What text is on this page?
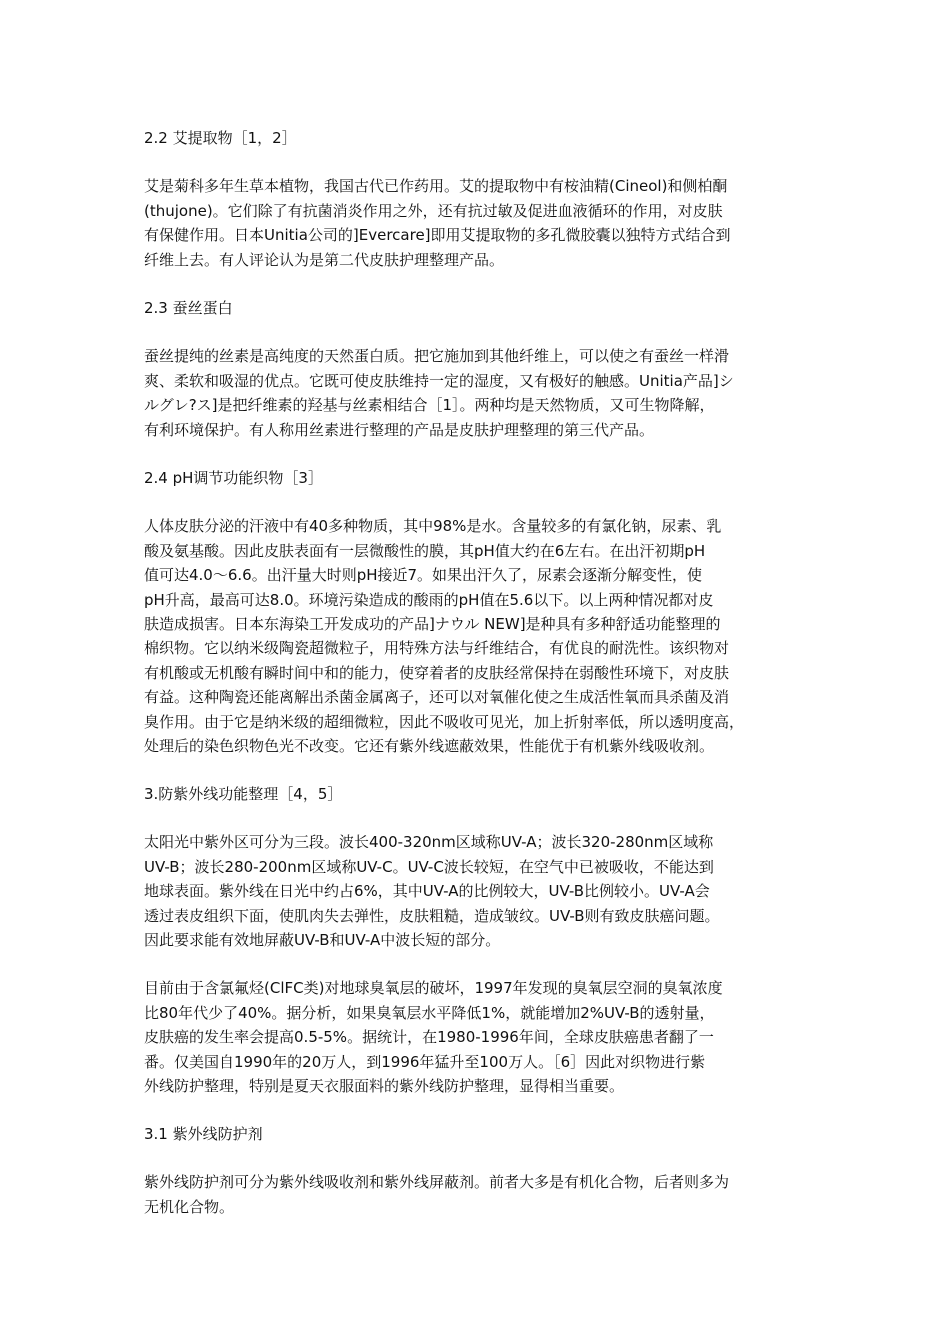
2.2 艾提取物［1，2］
艾是菊科多年生草本植物，我国古代已作药用。艾的提取物中有桉油精(Cineol)和侧柏酮
(thujone)。它们除了有抗菌消炎作用之外，还有抗过敏及促进血液循环的作用，对皮肤
有保健作用。日本Unitia公司的]Evercare]即用艾提取物的多孔微胶囊以独特方式结合到
纤维上去。有人评论认为是第二代皮肤护理整理产品。
2.3 蚕丝蛋白
蚕丝提纯的丝素是高纯度的天然蛋白质。把它施加到其他纤维上，可以使之有蚕丝一样滑
爽、柔软和吸湿的优点。它既可使皮肤维持一定的湿度，又有极好的触感。Unitia产品]シ
ルグレ?ス]是把纤维素的羟基与丝素相结合［1］。两种均是天然物质，又可生物降解，
有利环境保护。有人称用丝素进行整理的产品是皮肤护理整理的第三代产品。
2.4 pH调节功能织物［3］
人体皮肤分泌的汗液中有40多种物质，其中98%是水。含量较多的有氯化钠，尿素、乳
酸及氨基酸。因此皮肤表面有一层微酸性的膜，其pH值大约在6左右。在出汗初期pH
值可达4.0～6.6。出汗量大时则pH接近7。如果出汗久了，尿素会逐渐分解变性，使
pH升高，最高可达8.0。环境污染造成的酸雨的pH值在5.6以下。以上两种情况都对皮
肤造成损害。日本东海染工开发成功的产品]ナウル NEW]是种具有多种舒适功能整理的
棉织物。它以纳米级陶瓷超微粒子，用特殊方法与纤维结合，有优良的耐洗性。该织物对
有机酸或无机酸有瞬时间中和的能力，使穿着者的皮肤经常保持在弱酸性环境下，对皮肤
有益。这种陶瓷还能离解出杀菌金属离子，还可以对氧催化使之生成活性氧而具杀菌及消
臭作用。由于它是纳米级的超细微粒，因此不吸收可见光，加上折射率低，所以透明度高，
处理后的染色织物色光不改变。它还有紫外线遮蔽效果，性能优于有机紫外线吸收剂。
3.防紫外线功能整理［4，5］
太阳光中紫外区可分为三段。波长400-320nm区域称UV-A；波长320-280nm区域称
UV-B；波长280-200nm区域称UV-C。UV-C波长较短，在空气中已被吸收，不能达到
地球表面。紫外线在日光中约占6%，其中UV-A的比例较大，UV-B比例较小。UV-A会
透过表皮组织下面，使肌肉失去弹性，皮肤粗糙，造成皱纹。UV-B则有致皮肤癌问题。
因此要求能有效地屏蔽UV-B和UV-A中波长短的部分。
目前由于含氯氟烃(ClFC类)对地球臭氧层的破坏，1997年发现的臭氧层空洞的臭氧浓度
比80年代少了40%。据分析，如果臭氧层水平降低1%，就能增加2%UV-B的透射量，
皮肤癌的发生率会提高0.5-5%。据统计，在1980-1996年间，全球皮肤癌患者翻了一
番。仅美国自1990年的20万人，到1996年猛升至100万人。［6］因此对织物进行紫
外线防护整理，特别是夏天衣服面料的紫外线防护整理，显得相当重要。
3.1 紫外线防护剂
紫外线防护剂可分为紫外线吸收剂和紫外线屏蔽剂。前者大多是有机化合物，后者则多为
无机化合物。
